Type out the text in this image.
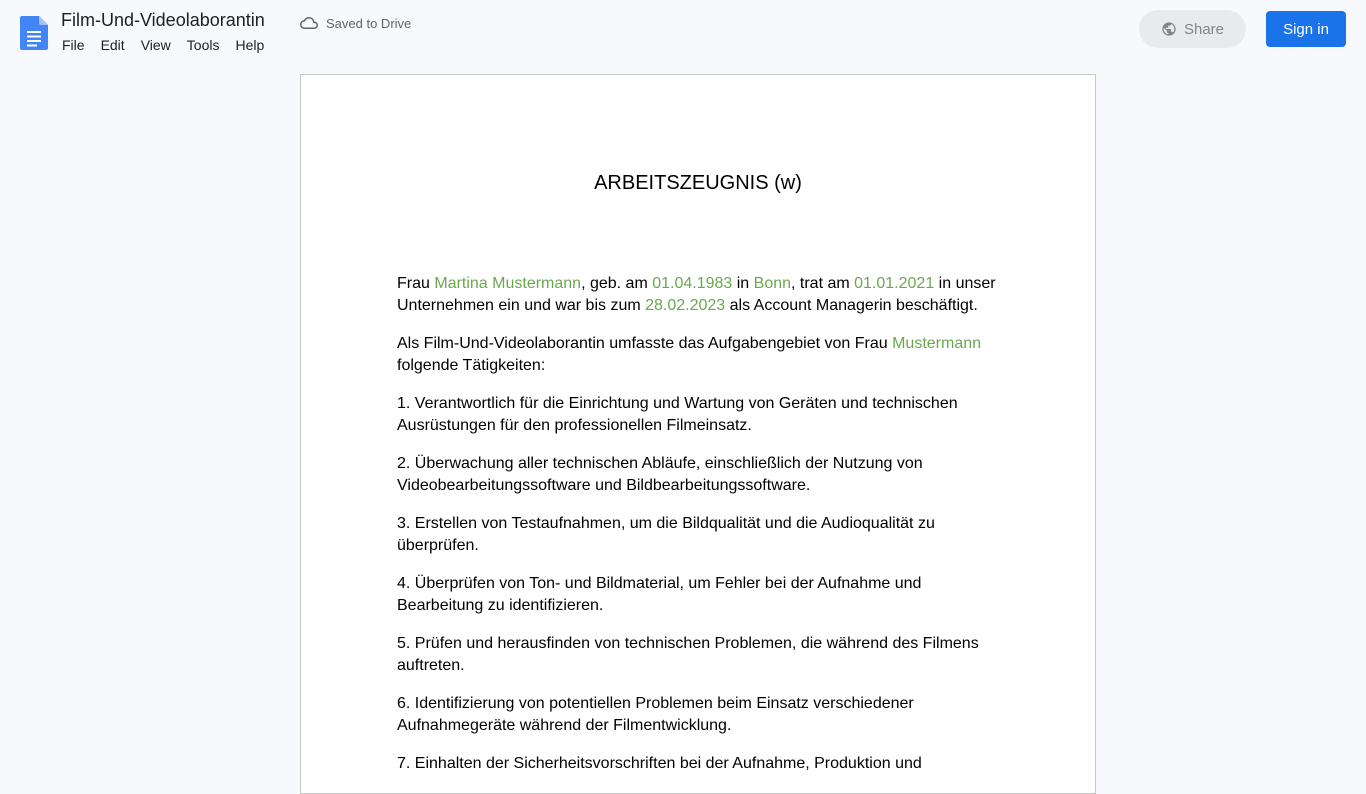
Film-Und-Videolaborantin	Saved to Drive
File	Edit	View	Tools	Help
Share	Sign in
ARBEITSZEUGNIS (w)

Frau Martina Mustermann, geb. am 01.04.1983 in Bonn, trat am 01.01.2021 in unser Unternehmen ein und war bis zum 28.02.2023 als Account Managerin beschäftigt.

Als Film-Und-Videolaborantin umfasste das Aufgabengebiet von Frau Mustermann folgende Tätigkeiten:

1. Verantwortlich für die Einrichtung und Wartung von Geräten und technischen Ausrüstungen für den professionellen Filmeinsatz.

2. Überwachung aller technischen Abläufe, einschließlich der Nutzung von Videobearbeitungssoftware und Bildbearbeitungssoftware.

3. Erstellen von Testaufnahmen, um die Bildqualität und die Audioqualität zu überprüfen.

4. Überprüfen von Ton- und Bildmaterial, um Fehler bei der Aufnahme und Bearbeitung zu identifizieren.

5. Prüfen und herausfinden von technischen Problemen, die während des Filmens auftreten.

6. Identifizierung von potentiellen Problemen beim Einsatz verschiedener Aufnahmegeräte während der Filmentwicklung.

7. Einhalten der Sicherheitsvorschriften bei der Aufnahme, Produktion und
